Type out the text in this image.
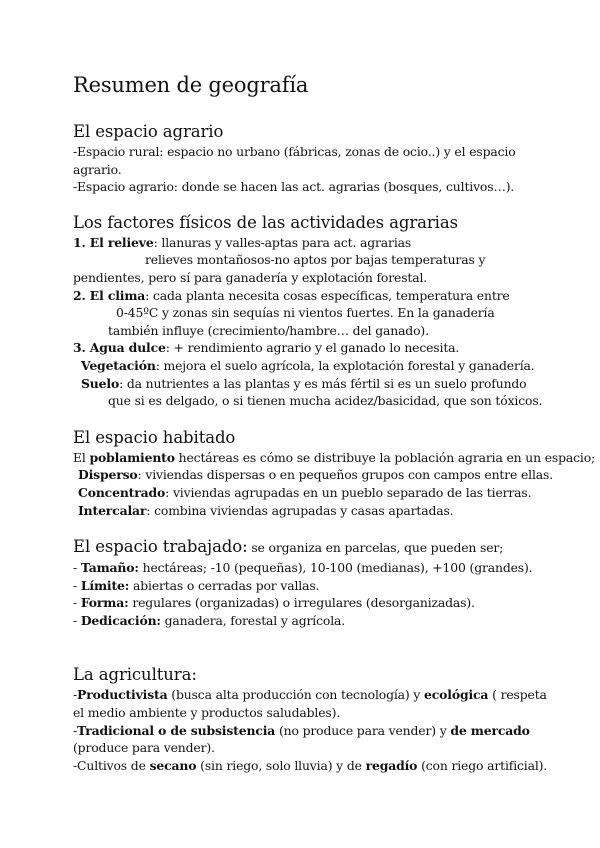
Resumen de geografía
El espacio agrario
-Espacio rural: espacio no urbano (fábricas, zonas de ocio..) y el espacio
agrario.
-Espacio agrario: donde se hacen las act. agrarias (bosques, cultivos…).
Los factores físicos de las actividades agrarias
1. El relieve: llanuras y valles-aptas para act. agrarias
relieves montañosos-no aptos por bajas temperaturas y
pendientes, pero sí para ganadería y explotación forestal.
2. El clima: cada planta necesita cosas específicas, temperatura entre
0-45ºC y zonas sin sequías ni vientos fuertes. En la ganadería
también influye (crecimiento/hambre… del ganado).
3. Agua dulce: + rendimiento agrario y el ganado lo necesita.
Vegetación: mejora el suelo agrícola, la explotación forestal y ganadería.
Suelo: da nutrientes a las plantas y es más fértil si es un suelo profundo
que si es delgado, o si tienen mucha acidez/basicidad, que son tóxicos.
El espacio habitado
El poblamiento hectáreas es cómo se distribuye la población agraria en un espacio;
Disperso: viviendas dispersas o en pequeños grupos con campos entre ellas.
Concentrado: viviendas agrupadas en un pueblo separado de las tierras.
Intercalar: combina viviendas agrupadas y casas apartadas.
El espacio trabajado: se organiza en parcelas, que pueden ser;
- Tamaño: hectáreas; -10 (pequeñas), 10-100 (medianas), +100 (grandes).
- Límite: abiertas o cerradas por vallas.
- Forma: regulares (organizadas) o irregulares (desorganizadas).
- Dedicación: ganadera, forestal y agrícola.
La agricultura:
-Productivista (busca alta producción con tecnología) y ecológica ( respeta
el medio ambiente y productos saludables).
-Tradicional o de subsistencia (no produce para vender) y de mercado
(produce para vender).
-Cultivos de secano (sin riego, solo lluvia) y de regadío (con riego artificial).
